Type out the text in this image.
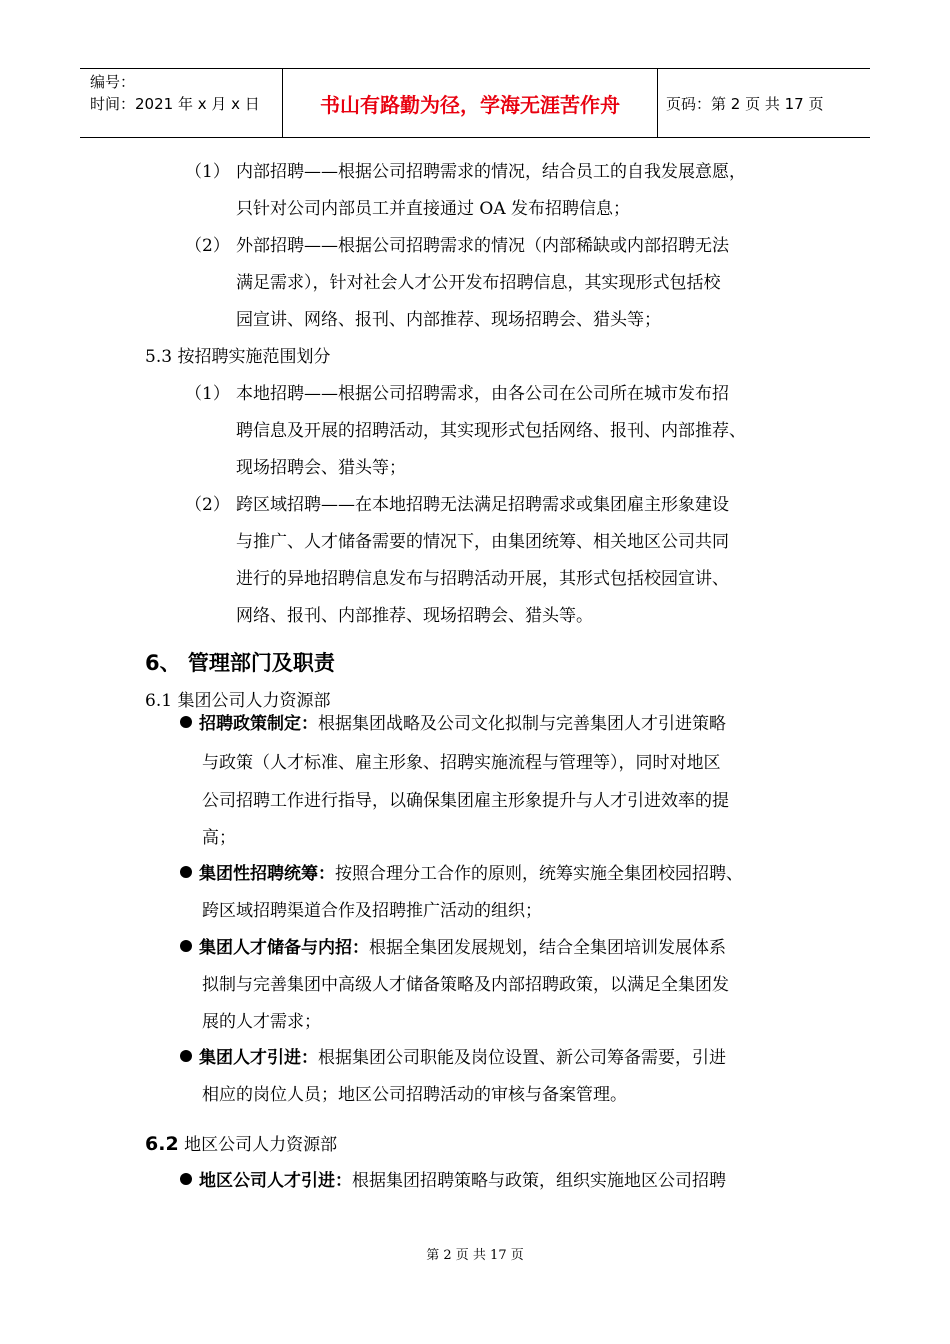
编号：
时间：2021 年 x 月 x 日	书山有路勤为径，学海无涯苦作舟	页码：第 2 页 共 17 页
（1） 内部招聘——根据公司招聘需求的情况，结合员工的自我发展意愿，
只针对公司内部员工并直接通过 OA 发布招聘信息；
（2） 外部招聘——根据公司招聘需求的情况（内部稀缺或内部招聘无法
满足需求），针对社会人才公开发布招聘信息，其实现形式包括校
园宣讲、网络、报刊、内部推荐、现场招聘会、猎头等；
5.3 按招聘实施范围划分
（1） 本地招聘——根据公司招聘需求，由各公司在公司所在城市发布招
聘信息及开展的招聘活动，其实现形式包括网络、报刊、内部推荐、
现场招聘会、猎头等；
（2） 跨区域招聘——在本地招聘无法满足招聘需求或集团雇主形象建设
与推广、人才储备需要的情况下，由集团统筹、相关地区公司共同
进行的异地招聘信息发布与招聘活动开展，其形式包括校园宣讲、
网络、报刊、内部推荐、现场招聘会、猎头等。
6、 管理部门及职责
6.1 集团公司人力资源部
招聘政策制定：根据集团战略及公司文化拟制与完善集团人才引进策略
与政策（人才标准、雇主形象、招聘实施流程与管理等），同时对地区
公司招聘工作进行指导，以确保集团雇主形象提升与人才引进效率的提
高；
集团性招聘统筹：按照合理分工合作的原则，统筹实施全集团校园招聘、
跨区域招聘渠道合作及招聘推广活动的组织；
集团人才储备与内招：根据全集团发展规划，结合全集团培训发展体系
拟制与完善集团中高级人才储备策略及内部招聘政策，以满足全集团发
展的人才需求；
集团人才引进：根据集团公司职能及岗位设置、新公司筹备需要，引进
相应的岗位人员；地区公司招聘活动的审核与备案管理。
6.2 地区公司人力资源部
地区公司人才引进：根据集团招聘策略与政策，组织实施地区公司招聘
第 2 页 共 17 页
